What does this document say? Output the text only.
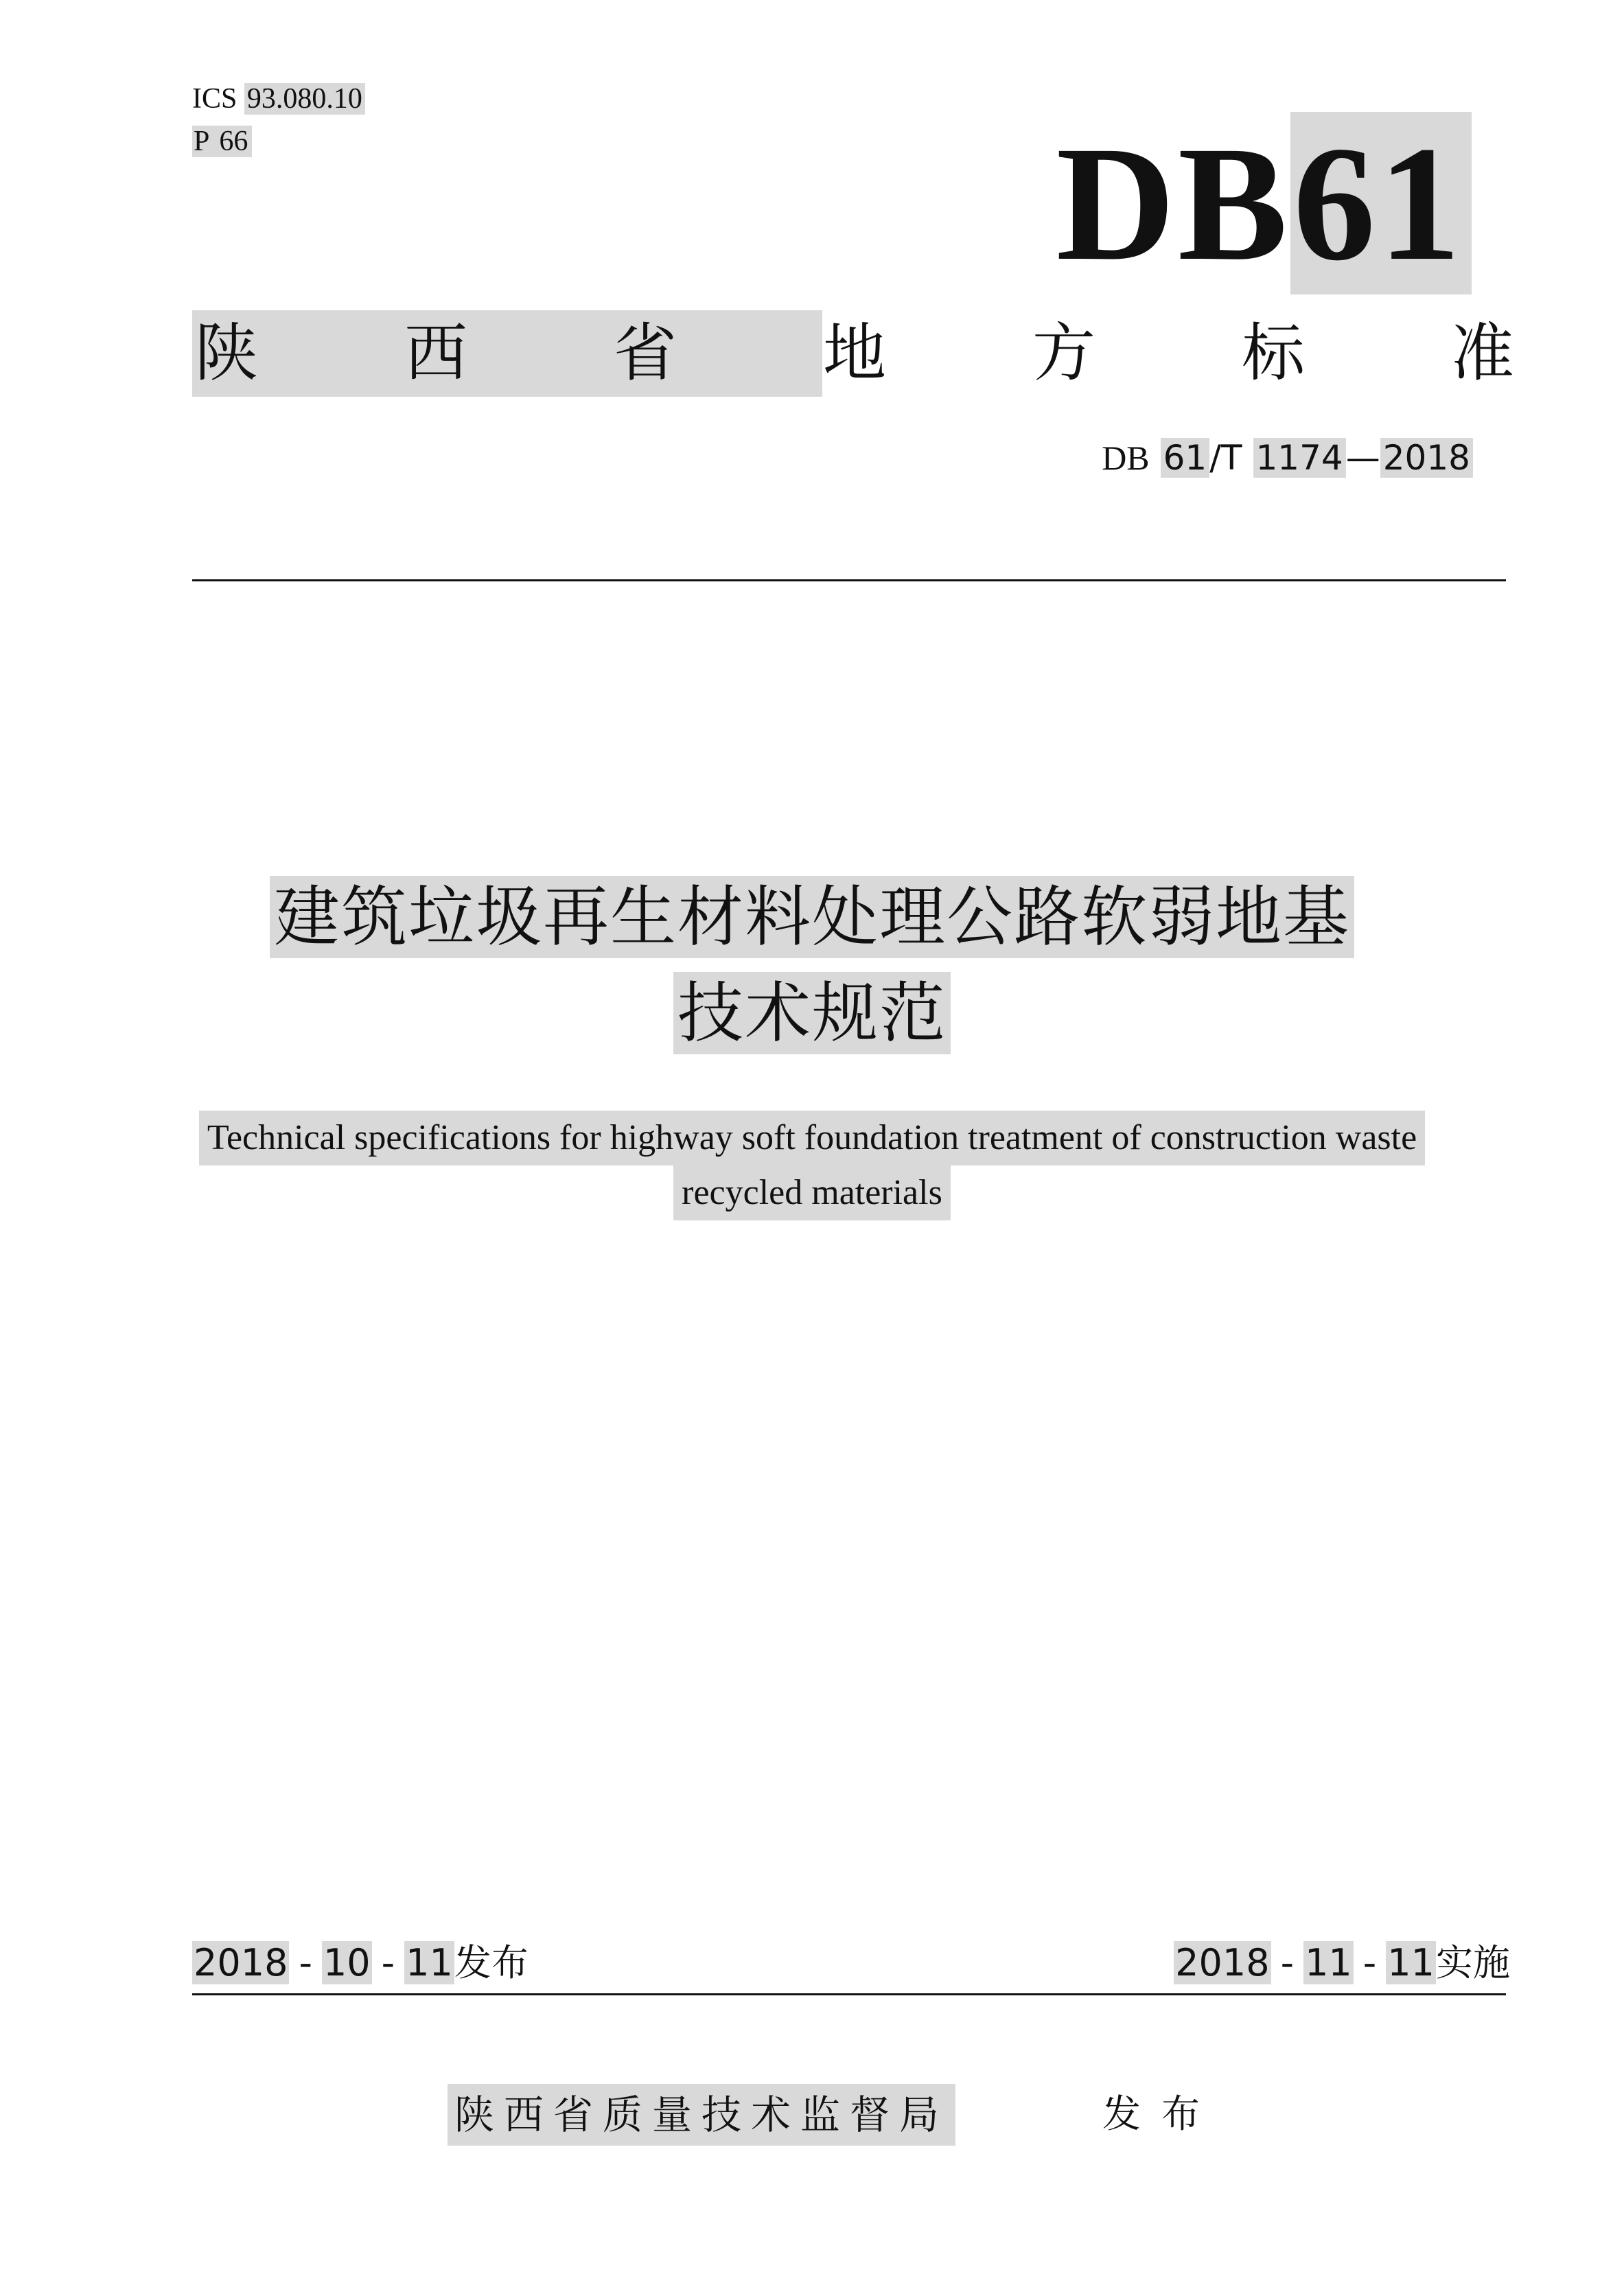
ICS 93.080.10
P 66	DB61
陕 西 省 地 方 标 准
DB 61/T 1174—2018
建筑垃圾再生材料处理公路软弱地基
技术规范
Technical specifications for highway soft foundation treatment of construction waste
recycled materials
2018 - 10 - 11发布	2018 - 11 - 11实施
陕西省质量技术监督局	发布
